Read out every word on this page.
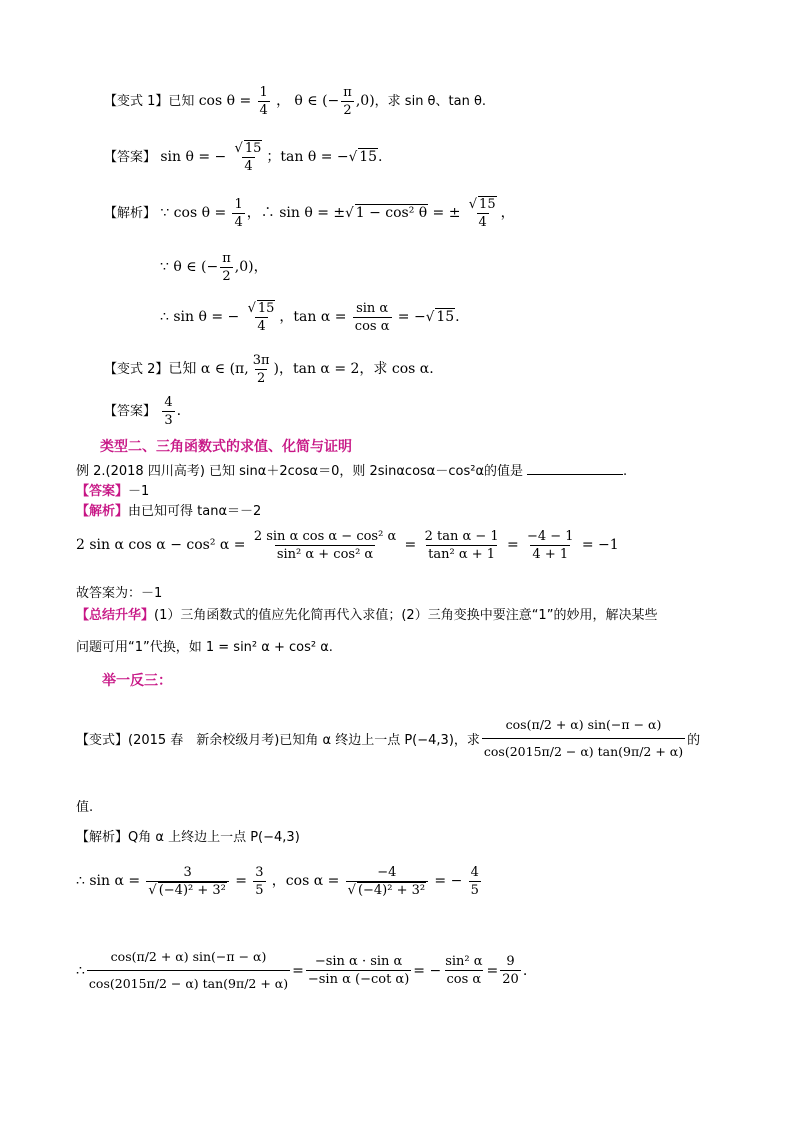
【变式 1】已知 $\cos \theta = \frac{1}{4}$ ， θ ∈ (− $\frac{\pi}{2} ,0$)，求 sin θ、tan θ.
【答案】 sin θ = − $\frac{√ 15}{4}$ ；tan θ = −√ 15.
【解析】 ∵ $\cos \theta = \frac{1}{4}$ ，∴ sin θ = ±√ 1 − cos² θ = ± $\frac{√ 15}{4}$ ，
∵ θ ∈ (− $\frac{\pi}{2} ,0$)，
∴ sin θ = − $\frac{√ 15}{4}$ ，$\tan \alpha = \frac{\text{sin α}}{\text{cos α}}$ = −√ 15.
【变式 2】已知 α ∈ (π, $\frac{3\pi}{2}$ )，tan α = 2，求 cos α.
【答案】 $\frac{4}{3}$ .
类型二、三角函数式的求值、化简与证明
例 2.(2018 四川高考) 已知 sinα＋2cosα＝0，则 2sinαcosα－cos²α的值是	.
【答案】－1
【解析】由已知可得 tanα＝－2
2 sin α cos α − cos² $\alpha = \frac{\text{2 sin α cos α − cos² α}}{\text{sin² α + cos² α}} = \frac{\text{2 tan α − 1}}{\text{tan² α + 1}} = \frac{-4 - 1}{4 + 1} = -1$
故答案为：－1
【总结升华】(1）三角函数式的值应先化简再代入求值；(2）三角变换中要注意“1”的妙用，解决某些
问题可用“1”代换，如 1 = sin² α + cos² α.
举一反三：
【变式】 (2015 春　新余校级月考)已知角 α 终边上一点 P(−4,3)，求 $\frac{\cos(\pi/2 + \alpha) \sin(-\pi - \alpha)}{\cos(2015\pi/2 - \alpha) \tan(9\pi/2 + \alpha)}$ 的
值.
【解析】Q角 α 上终边上一点 P(−4,3)
∴ $\sin \alpha = \frac{3}{\text{√ (−4)² + 3²}} = \frac{3}{5}$ ，$\cos \alpha = \frac{-4}{\text{√ (−4)² + 3²}}$ = − $\frac{4}{5}$
∴ $\frac{\cos(\pi/2 + \alpha) \sin(-\pi - \alpha)}{\cos(2015\pi/2 - \alpha) \tan(9\pi/2 + \alpha)} = \frac{\text{−sin α · sin α}}{\text{−sin α (−cot α)}}$ = − $\frac{\text{sin² α}}{\text{cos α}} = \frac{9}{20}$ .
